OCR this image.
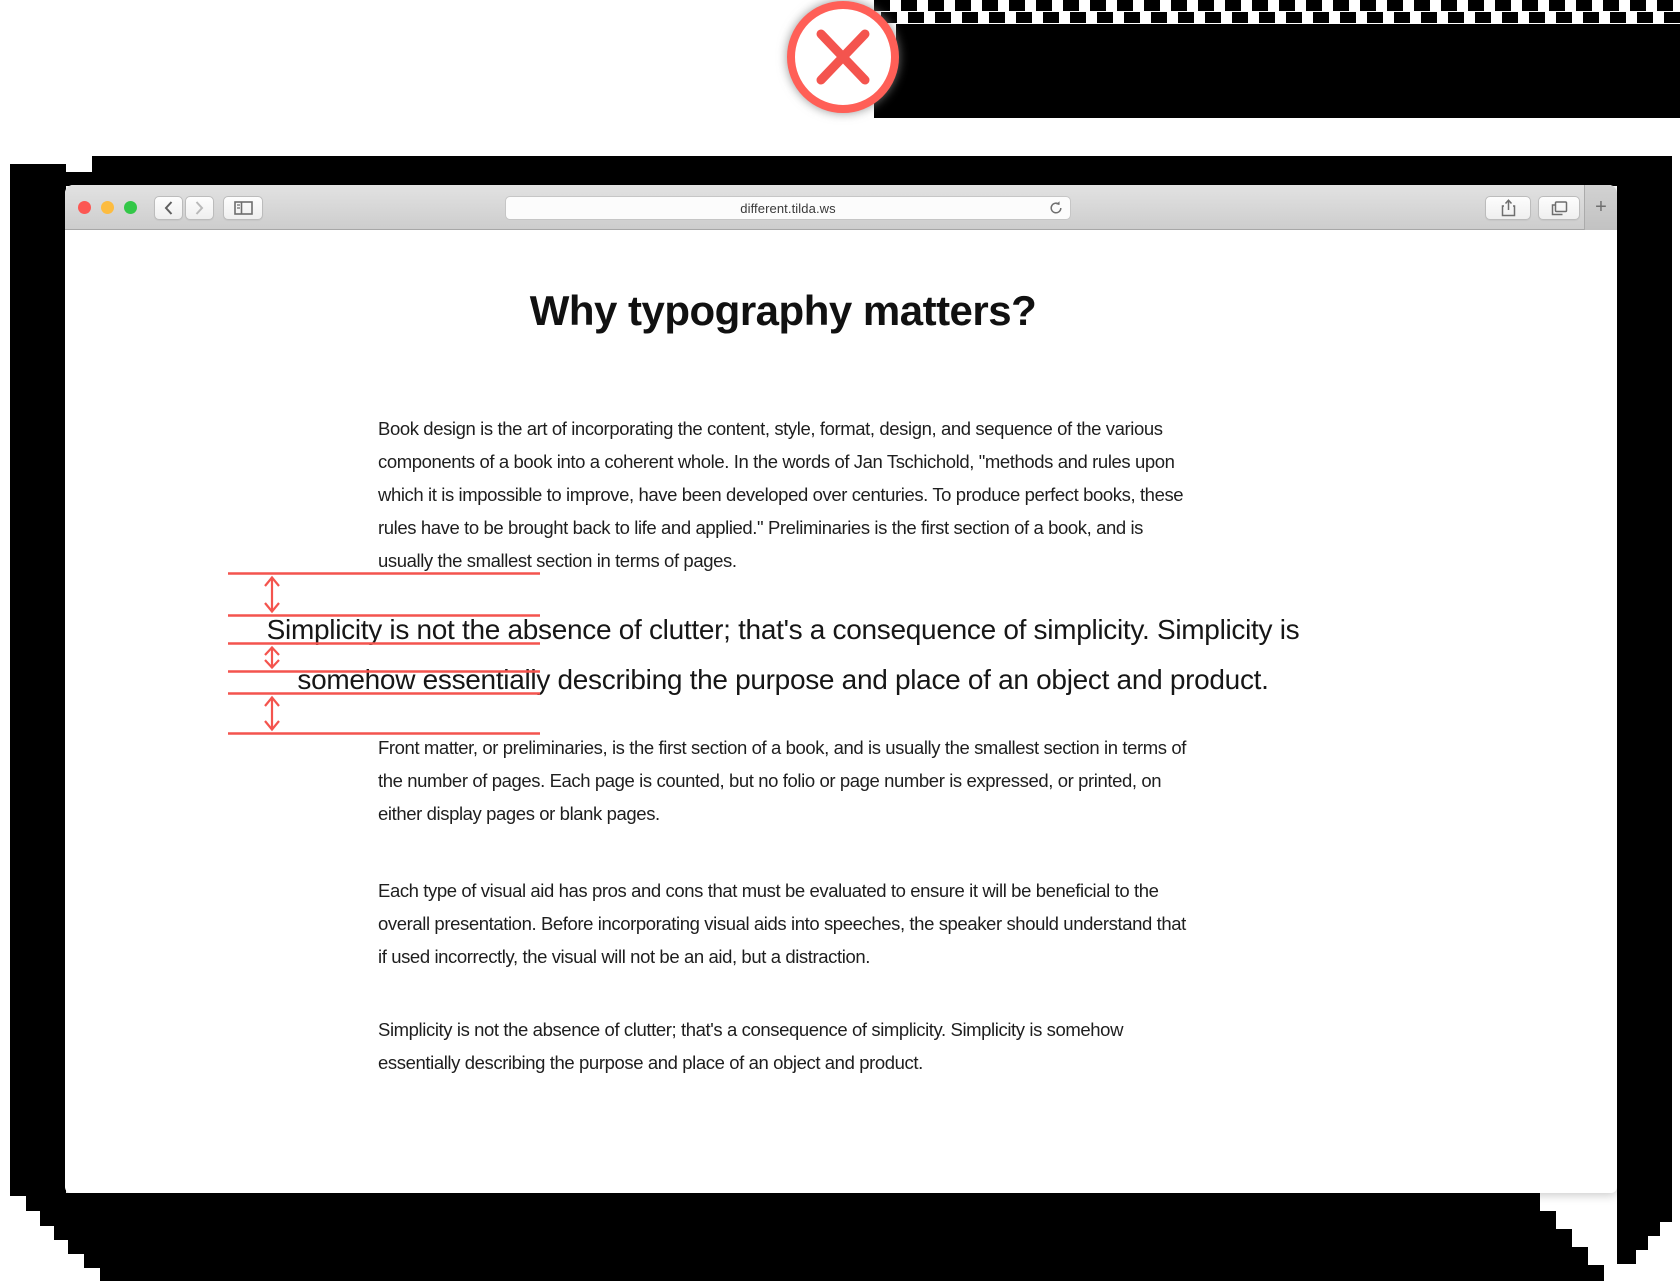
different.tilda.ws	+
Why typography matters?

Book design is the art of incorporating the content, style, format, design, and sequence of the various components of a book into a coherent whole. In the words of Jan Tschichold, "methods and rules upon which it is impossible to improve, have been developed over centuries. To produce perfect books, these rules have to be brought back to life and applied." Preliminaries is the first section of a book, and is usually the smallest section in terms of pages.

Simplicity is not the absence of clutter; that's a consequence of simplicity. Simplicity is
somehow essentially describing the purpose and place of an object and product.

Front matter, or preliminaries, is the first section of a book, and is usually the smallest section in terms of the number of pages. Each page is counted, but no folio or page number is expressed, or printed, on either display pages or blank pages.

Each type of visual aid has pros and cons that must be evaluated to ensure it will be beneficial to the overall presentation. Before incorporating visual aids into speeches, the speaker should understand that if used incorrectly, the visual will not be an aid, but a distraction.

Simplicity is not the absence of clutter; that's a consequence of simplicity. Simplicity is somehow essentially describing the purpose and place of an object and product.
